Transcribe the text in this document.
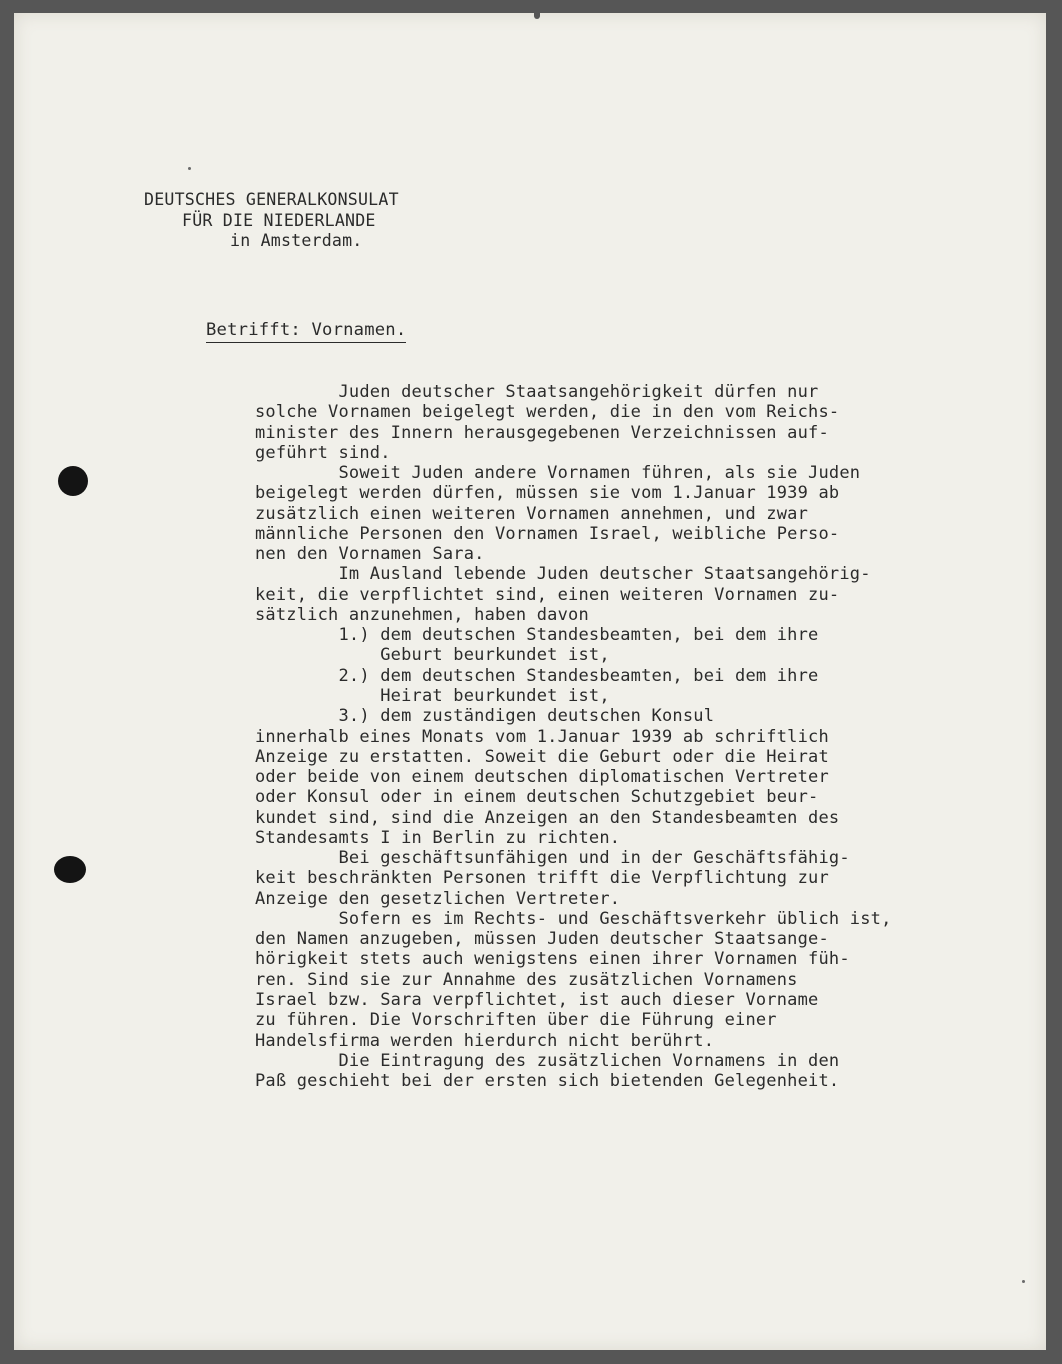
DEUTSCHES GENERALKONSULAT
FÜR DIE NIEDERLANDE
in Amsterdam.
Betrifft: Vornamen.
Juden deutscher Staatsangehörigkeit dürfen nur
solche Vornamen beigelegt werden, die in den vom Reichs-
minister des Innern herausgegebenen Verzeichnissen auf-
geführt sind.
Soweit Juden andere Vornamen führen, als sie Juden
beigelegt werden dürfen, müssen sie vom 1.Januar 1939 ab
zusätzlich einen weiteren Vornamen annehmen, und zwar
männliche Personen den Vornamen Israel, weibliche Perso-
nen den Vornamen Sara.
Im Ausland lebende Juden deutscher Staatsangehörig-
keit, die verpflichtet sind, einen weiteren Vornamen zu-
sätzlich anzunehmen, haben davon
1.) dem deutschen Standesbeamten, bei dem ihre
Geburt beurkundet ist,
2.) dem deutschen Standesbeamten, bei dem ihre
Heirat beurkundet ist,
3.) dem zuständigen deutschen Konsul
innerhalb eines Monats vom 1.Januar 1939 ab schriftlich
Anzeige zu erstatten. Soweit die Geburt oder die Heirat
oder beide von einem deutschen diplomatischen Vertreter
oder Konsul oder in einem deutschen Schutzgebiet beur-
kundet sind, sind die Anzeigen an den Standesbeamten des
Standesamts I in Berlin zu richten.
Bei geschäftsunfähigen und in der Geschäftsfähig-
keit beschränkten Personen trifft die Verpflichtung zur
Anzeige den gesetzlichen Vertreter.
Sofern es im Rechts- und Geschäftsverkehr üblich ist,
den Namen anzugeben, müssen Juden deutscher Staatsange-
hörigkeit stets auch wenigstens einen ihrer Vornamen füh-
ren. Sind sie zur Annahme des zusätzlichen Vornamens
Israel bzw. Sara verpflichtet, ist auch dieser Vorname
zu führen. Die Vorschriften über die Führung einer
Handelsfirma werden hierdurch nicht berührt.
Die Eintragung des zusätzlichen Vornamens in den
Paß geschieht bei der ersten sich bietenden Gelegenheit.
